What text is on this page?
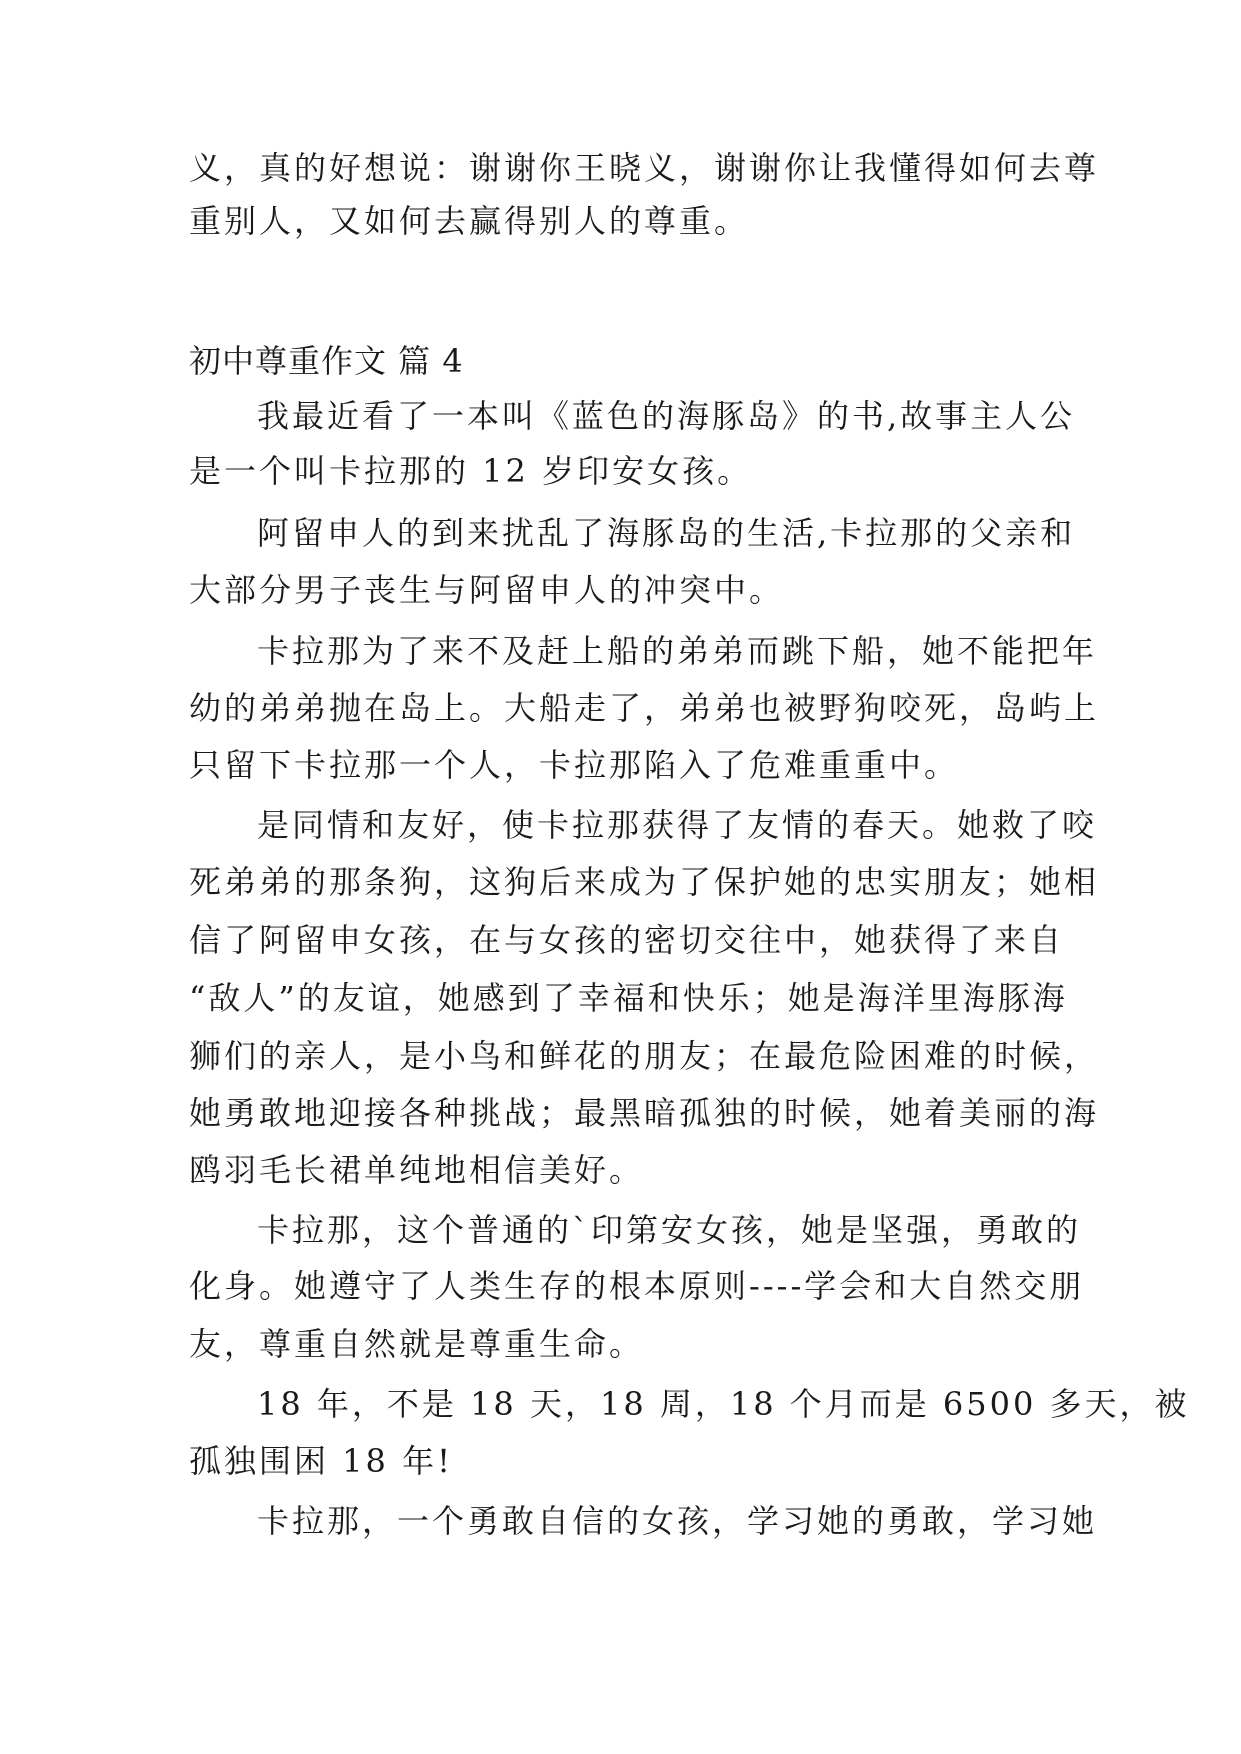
义，真的好想说：谢谢你王晓义，谢谢你让我懂得如何去尊
重别人，又如何去赢得别人的尊重。
初中尊重作文 篇 4
我最近看了一本叫《蓝色的海豚岛》的书,故事主人公
是一个叫卡拉那的 12 岁印安女孩。
阿留申人的到来扰乱了海豚岛的生活,卡拉那的父亲和
大部分男子丧生与阿留申人的冲突中。
卡拉那为了来不及赶上船的弟弟而跳下船，她不能把年
幼的弟弟抛在岛上。大船走了，弟弟也被野狗咬死，岛屿上
只留下卡拉那一个人，卡拉那陷入了危难重重中。
是同情和友好，使卡拉那获得了友情的春天。她救了咬
死弟弟的那条狗，这狗后来成为了保护她的忠实朋友；她相
信了阿留申女孩，在与女孩的密切交往中，她获得了来自
“敌人”的友谊，她感到了幸福和快乐；她是海洋里海豚海
狮们的亲人，是小鸟和鲜花的朋友；在最危险困难的时候，
她勇敢地迎接各种挑战；最黑暗孤独的时候，她着美丽的海
鸥羽毛长裙单纯地相信美好。
卡拉那，这个普通的`印第安女孩，她是坚强，勇敢的
化身。她遵守了人类生存的根本原则----学会和大自然交朋
友，尊重自然就是尊重生命。
18 年，不是 18 天，18 周，18 个月而是 6500 多天，被
孤独围困 18 年!
卡拉那，一个勇敢自信的女孩，学习她的勇敢，学习她
